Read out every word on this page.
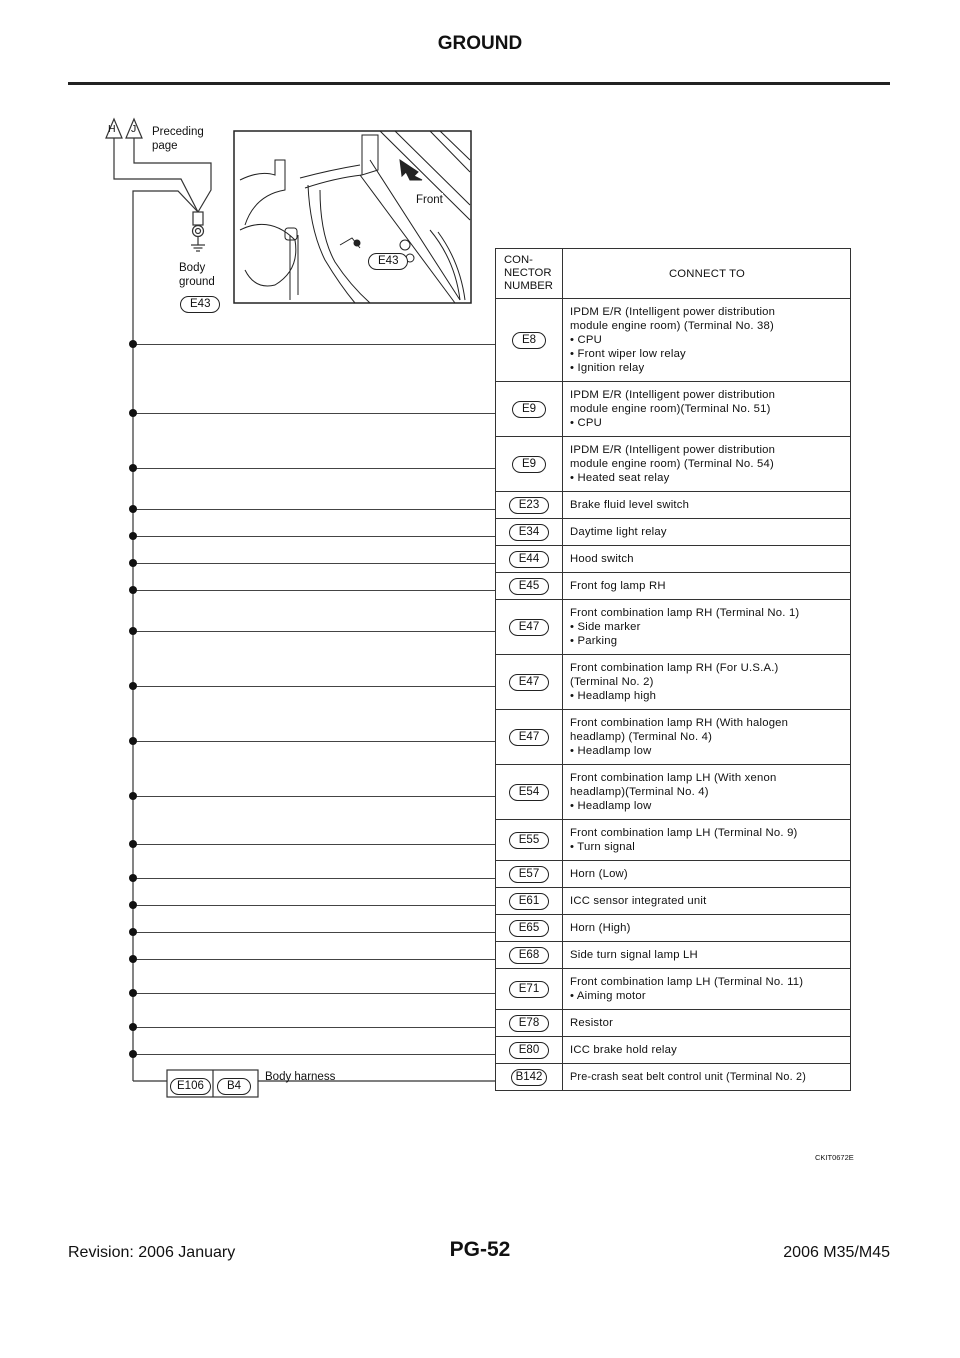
GROUND
Preceding
page
H J
Body
ground
E43
Front
E43
E106	B4
Body harness
CON-
NECTOR
NUMBER
CONNECT TO
E8
IPDM E/R (Intelligent power distribution
module engine room) (Terminal No. 38)
• CPU
• Front wiper low relay
• Ignition relay
E9
IPDM E/R (Intelligent power distribution
module engine room)(Terminal No. 51)
• CPU
E9
IPDM E/R (Intelligent power distribution
module engine room) (Terminal No. 54)
• Heated seat relay
E23	Brake fluid level switch
E34	Daytime light relay
E44	Hood switch
E45	Front fog lamp RH
E47
Front combination lamp RH (Terminal No. 1)
• Side marker
• Parking
E47
Front combination lamp RH (For U.S.A.)
(Terminal No. 2)
• Headlamp high
E47
Front combination lamp RH (With halogen
headlamp) (Terminal No. 4)
• Headlamp low
E54
Front combination lamp LH (With xenon
headlamp)(Terminal No. 4)
• Headlamp low
E55
Front combination lamp LH (Terminal No. 9)
• Turn signal
E57	Horn (Low)
E61	ICC sensor integrated unit
E65	Horn (High)
E68	Side turn signal lamp LH
E71
Front combination lamp LH (Terminal No. 11)
• Aiming motor
E78	Resistor
E80	ICC brake hold relay
B142	Pre-crash seat belt control unit (Terminal No. 2)
CKIT0672E
Revision: 2006 January	PG-52	2006 M35/M45
